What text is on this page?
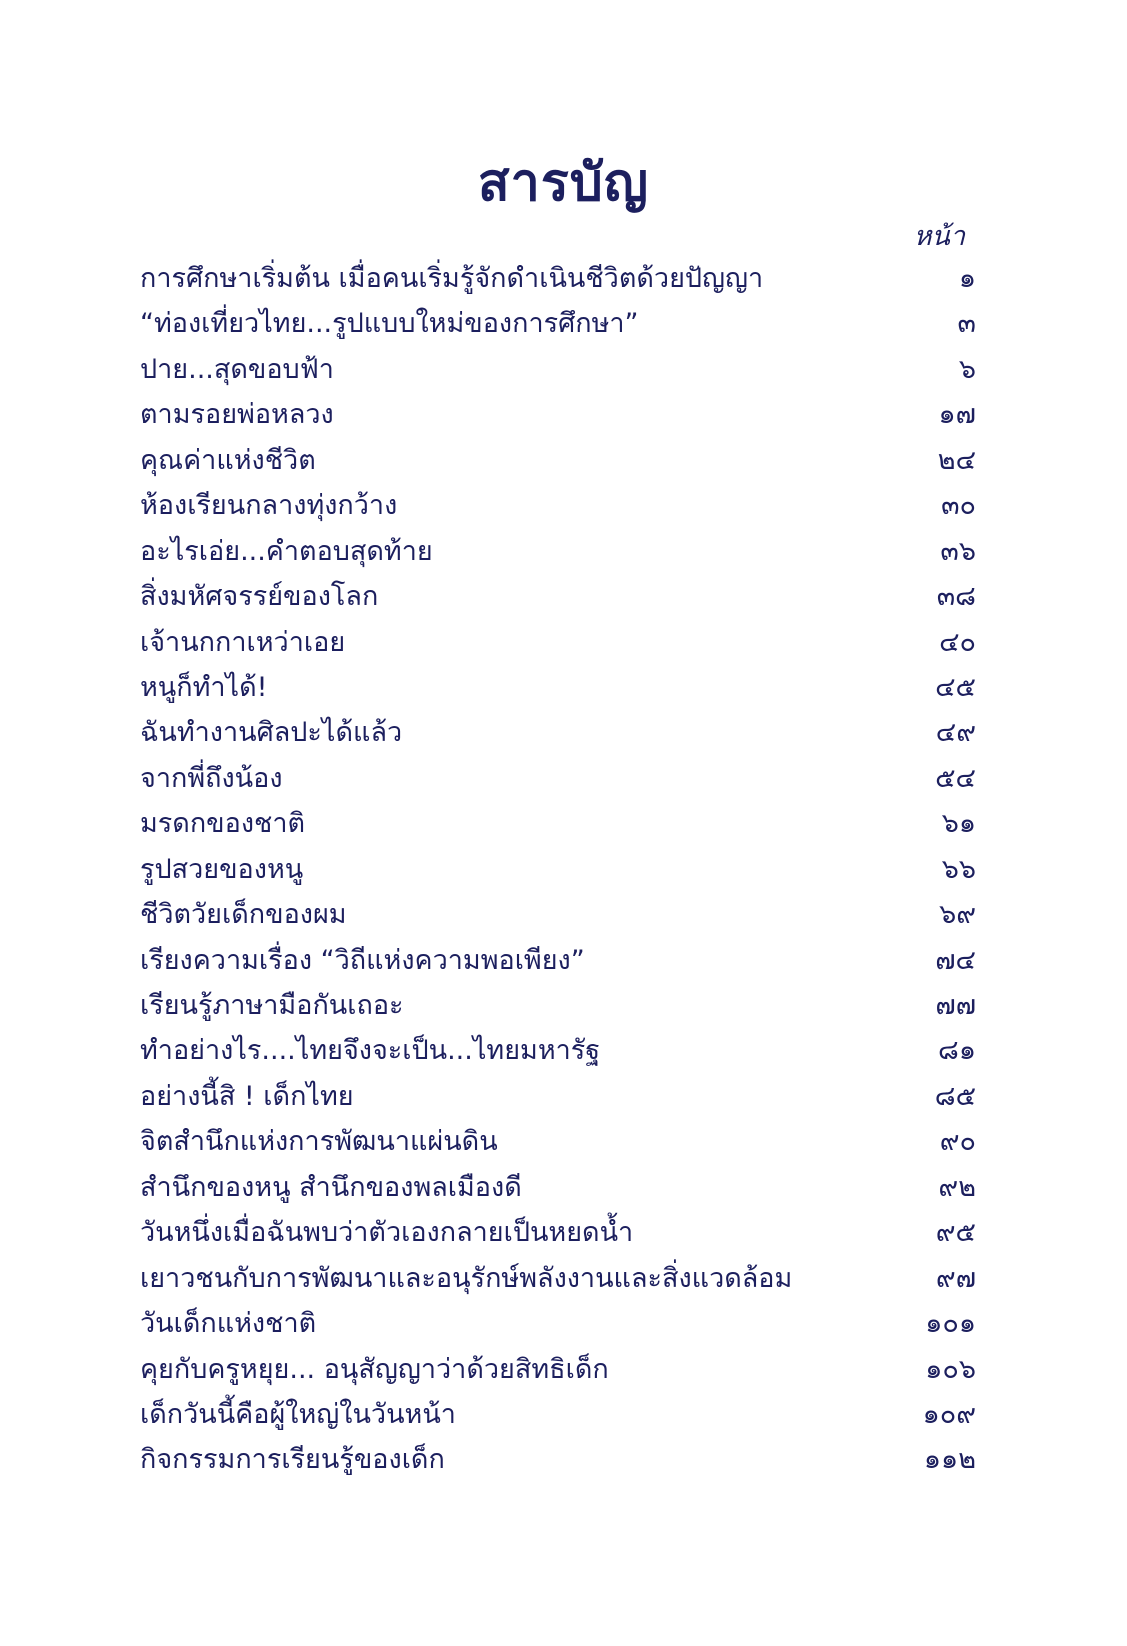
สารบัญ
หน้า
การศึกษาเริ่มต้น เมื่อคนเริ่มรู้จักดำเนินชีวิตด้วยปัญญา	๑
“ท่องเที่ยวไทย...รูปแบบใหม่ของการศึกษา”	๓
ปาย...สุดขอบฟ้า	๖
ตามรอยพ่อหลวง	๑๗
คุณค่าแห่งชีวิต	๒๔
ห้องเรียนกลางทุ่งกว้าง	๓๐
อะไรเอ่ย...คำตอบสุดท้าย	๓๖
สิ่งมหัศจรรย์ของโลก	๓๘
เจ้านกกาเหว่าเอย	๔๐
หนูก็ทำได้!	๔๕
ฉันทำงานศิลปะได้แล้ว	๔๙
จากพี่ถึงน้อง	๕๔
มรดกของชาติ	๖๑
รูปสวยของหนู	๖๖
ชีวิตวัยเด็กของผม	๖๙
เรียงความเรื่อง “วิถีแห่งความพอเพียง”	๗๔
เรียนรู้ภาษามือกันเถอะ	๗๗
ทำอย่างไร....ไทยจึงจะเป็น...ไทยมหารัฐ	๘๑
อย่างนี้สิ ! เด็กไทย	๘๕
จิตสำนึกแห่งการพัฒนาแผ่นดิน	๙๐
สำนึกของหนู สำนึกของพลเมืองดี	๙๒
วันหนึ่งเมื่อฉันพบว่าตัวเองกลายเป็นหยดน้ำ	๙๕
เยาวชนกับการพัฒนาและอนุรักษ์พลังงานและสิ่งแวดล้อม	๙๗
วันเด็กแห่งชาติ	๑๐๑
คุยกับครูหยุย... อนุสัญญาว่าด้วยสิทธิเด็ก	๑๐๖
เด็กวันนี้คือผู้ใหญ่ในวันหน้า	๑๐๙
กิจกรรมการเรียนรู้ของเด็ก	๑๑๒
